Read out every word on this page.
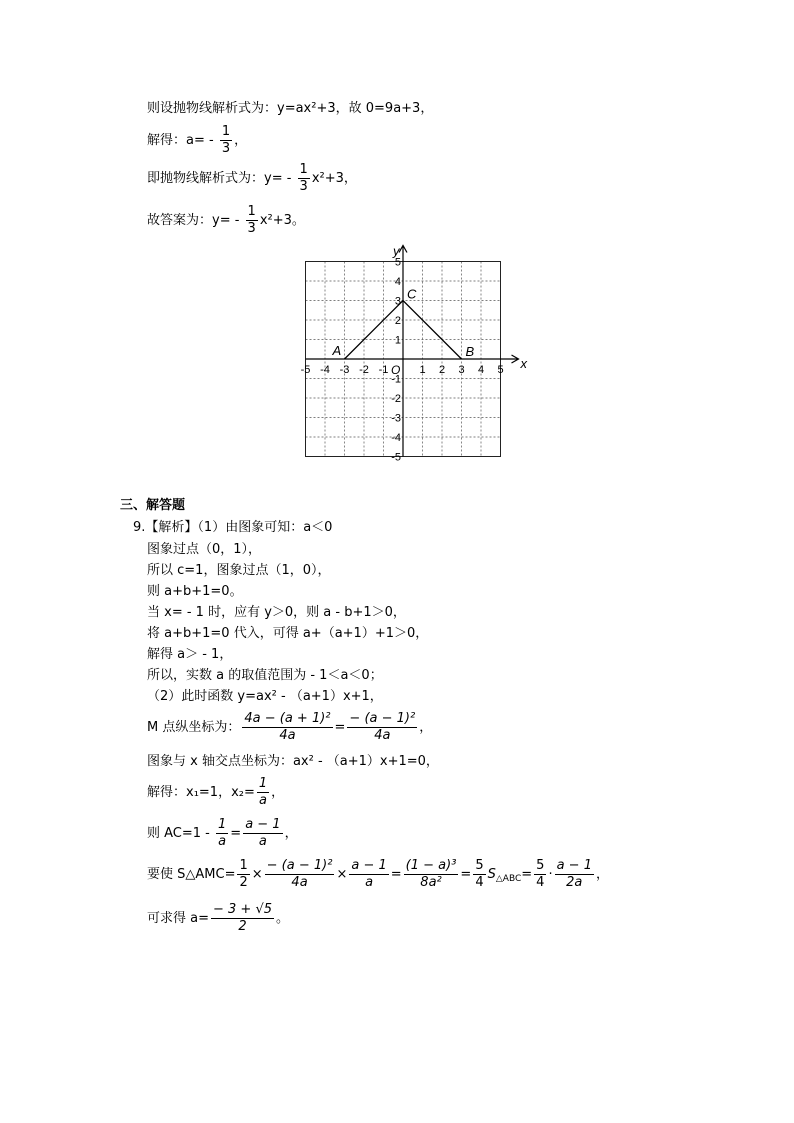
则设抛物线解析式为：y=ax²+3，故 0=9a+3，
解得：$a= - \frac{1}{3}$ ，
即抛物线解析式为：$y= - \frac{1}{3} x^2+3$，
故答案为：$y= - \frac{1}{3} x^2+3$。
x
y
O
-5 -4 -3 -2 -1	1 2 3 4 5
5
4
3
2
1
-1
-2
-3
-4
-5
A
C
B
三、解答题
9.【解析】（1）由图象可知：a＜0
图象过点（0，1），
所以 c=1，图象过点（1，0），
则 a+b+1=0。
当 x= - 1 时，应有 y＞0，则 a - b+1＞0，
将 a+b+1=0 代入，可得 a+（a+1）+1＞0，
解得 a＞ - 1，
所以，实数 a 的取值范围为 - 1＜a＜0；
（2）此时函数 y=ax² - （a+1）x+1，
M 点纵坐标为： $\frac{\text{4a − (a + 1)²}}{4a} = \frac{\text{− (a − 1)²}}{4a}$ ，
图象与 x 轴交点坐标为：ax² - （a+1）x+1=0，
解得：x₁=1，$x_2= \frac{1}{a}$ ，
则 $AC=1 - \frac{1}{a} = \frac{a - 1}{a}$ ，
要使 S△AMC= $\frac{1}{2} \times \frac{\text{− (a − 1)²}}{4a} \times \frac{a - 1}{a} = \frac{\text{(1 − a)³}}{\text{8a²}} = \frac{5}{4} S_{\triangle ABC}= \frac{5}{4} \cdot \frac{a - 1}{2a}$ ，
可求得 $a= \frac{- 3 + √5}{2}$ 。
